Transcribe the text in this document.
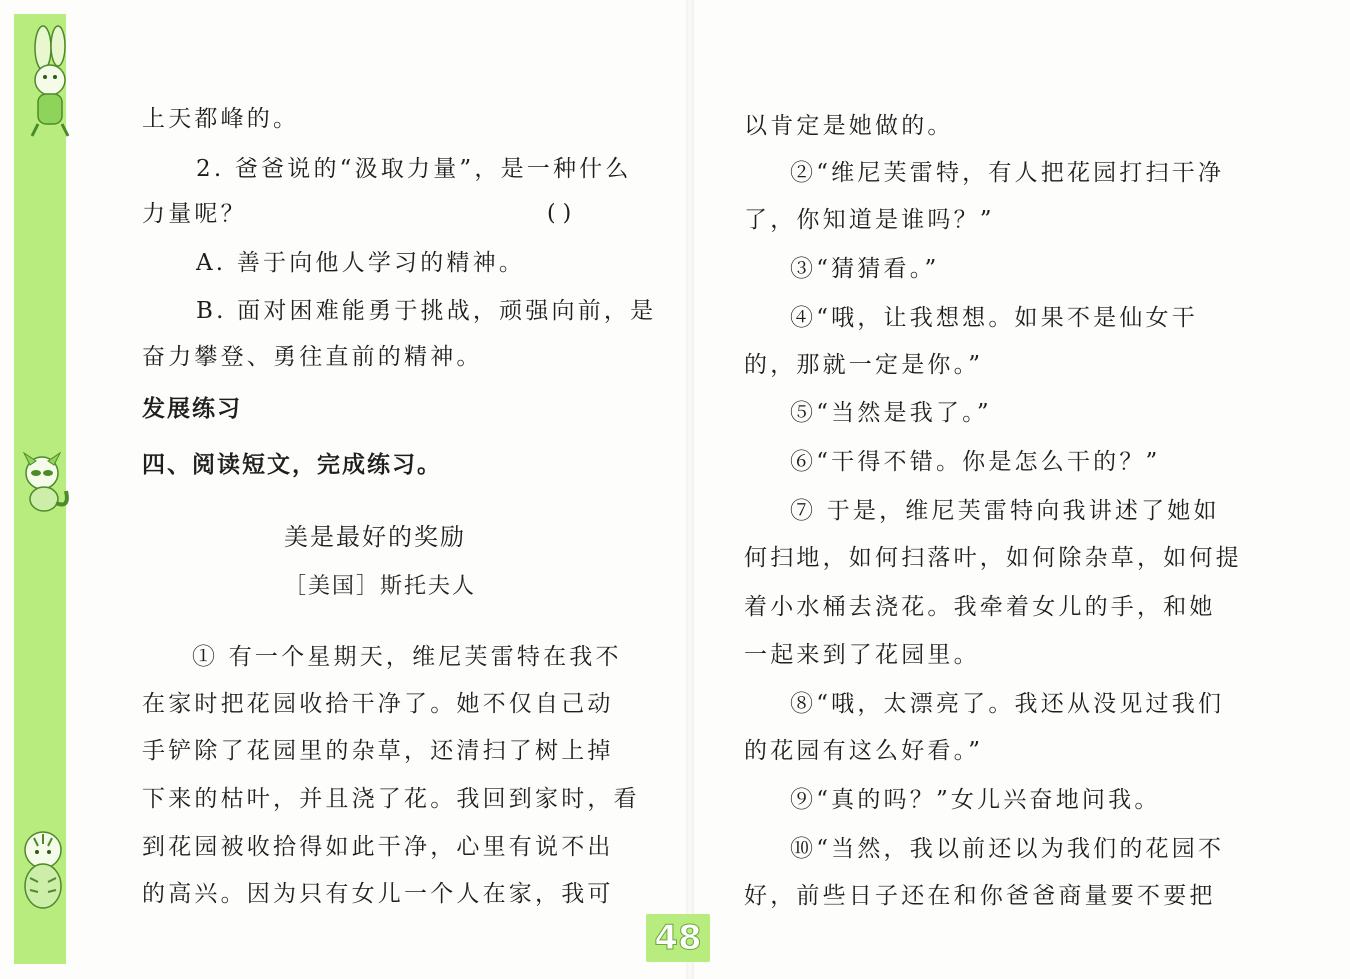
上天都峰的。
2. 爸爸说的“汲取力量”，是一种什么
力量呢？	( )
A. 善于向他人学习的精神。
B. 面对困难能勇于挑战，顽强向前，是
奋力攀登、勇往直前的精神。
发展练习
四、阅读短文，完成练习。
美是最好的奖励
［美国］斯托夫人
① 有一个星期天，维尼芙雷特在我不
在家时把花园收拾干净了。她不仅自己动
手铲除了花园里的杂草，还清扫了树上掉
下来的枯叶，并且浇了花。我回到家时，看
到花园被收拾得如此干净，心里有说不出
的高兴。因为只有女儿一个人在家，我可
以肯定是她做的。
②“维尼芙雷特，有人把花园打扫干净
了，你知道是谁吗？”
③“猜猜看。”
④“哦，让我想想。如果不是仙女干
的，那就一定是你。”
⑤“当然是我了。”
⑥“干得不错。你是怎么干的？”
⑦ 于是，维尼芙雷特向我讲述了她如
何扫地，如何扫落叶，如何除杂草，如何提
着小水桶去浇花。我牵着女儿的手，和她
一起来到了花园里。
⑧“哦，太漂亮了。我还从没见过我们
的花园有这么好看。”
⑨“真的吗？”女儿兴奋地问我。
⑩“当然，我以前还以为我们的花园不
好，前些日子还在和你爸爸商量要不要把
48
